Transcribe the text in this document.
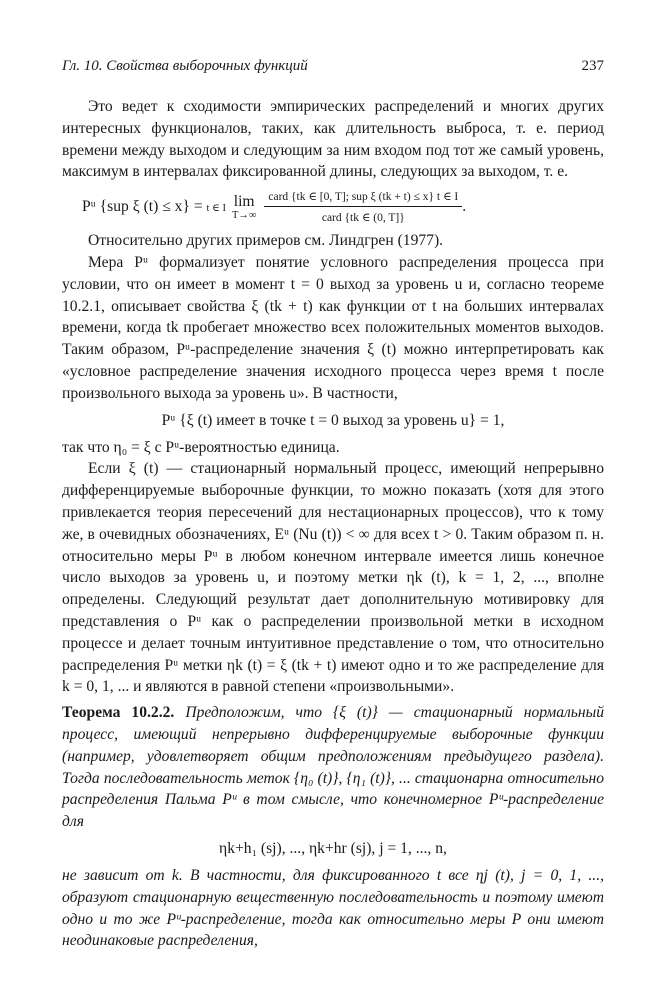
Гл. 10. Свойства выборочных функций	237

Это ведет к сходимости эмпирических распределений и многих других интересных функционалов, таких, как длительность выброса, т. е. период времени между выходом и следующим за ним входом под тот же самый уровень, максимум в интервалах фиксированной длины, следующих за выходом, т. е.

Pᵘ {sup ξ (t) ≤ x} = t ∈ I lim
$T\to\infty \frac{\text{card \{tk ∈ [0, T]; sup ξ (tk + t) ≤ x\} t ∈ I}}{\text{card \{tk ∈ (0, T]\}}}$ .

Относительно других примеров см. Линдгрен (1977).

Мера Pᵘ формализует понятие условного распределения процесса при условии, что он имеет в момент t = 0 выход за уровень u и, согласно теореме 10.2.1, описывает свойства ξ (tk + t) как функции от t на больших интервалах времени, когда tk пробегает множество всех положительных моментов выходов. Таким образом, Pᵘ-распределение значения ξ (t) можно интерпретировать как «условное распределение значения исходного процесса через время t после произвольного выхода за уровень u». В частности,

Pᵘ {ξ (t) имеет в точке t = 0 выход за уровень u} = 1,

так что η₀ = ξ с Pᵘ-вероятностью единица.

Если ξ (t) — стационарный нормальный процесс, имеющий непрерывно дифференцируемые выборочные функции, то можно показать (хотя для этого привлекается теория пересечений для нестационарных процессов), что к тому же, в очевидных обозначениях, Eᵘ (Nu (t)) < ∞ для всех t > 0. Таким образом п. н. относительно меры Pᵘ в любом конечном интервале имеется лишь конечное число выходов за уровень u, и поэтому метки ηk (t), k = 1, 2, ..., вполне определены. Следующий результат дает дополнительную мотивировку для представления о Pᵘ как о распределении произвольной метки в исходном процессе и делает точным интуитивное представление о том, что относительно распределения Pᵘ метки ηk (t) = ξ (tk + t) имеют одно и то же распределение для k = 0, 1, ... и являются в равной степени «произвольными».

Теорема 10.2.2. Предположим, что {ξ (t)} — стационарный нормальный процесс, имеющий непрерывно дифференцируемые выборочные функции (например, удовлетворяет общим предположениям предыдущего раздела). Тогда последовательность меток {η₀ (t)}, {η₁ (t)}, ... стационарна относительно распределения Пальма Pᵘ в том смысле, что конечномерное Pᵘ-распределение для

ηk+h₁ (sj), ..., ηk+hr (sj), j = 1, ..., n,

не зависит от k. В частности, для фиксированного t все ηj (t), j = 0, 1, ..., образуют стационарную вещественную последовательность и поэтому имеют одно и то же Pᵘ-распределение, тогда как относительно меры P они имеют неодинаковые распределения,
